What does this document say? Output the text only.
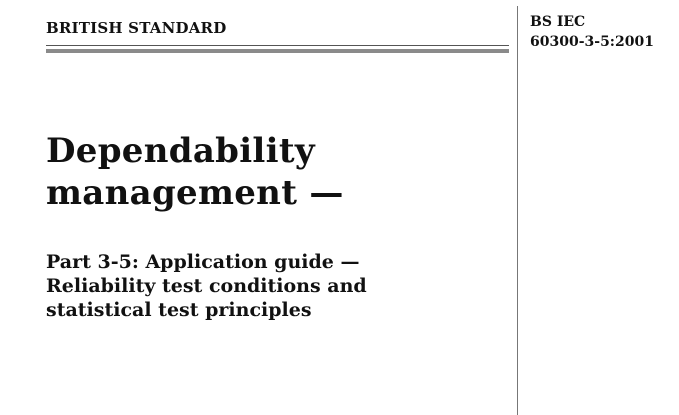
BRITISH STANDARD	BS IEC
60300-3-5:2001
Dependability
management —
Part 3-5: Application guide —
Reliability test conditions and
statistical test principles
